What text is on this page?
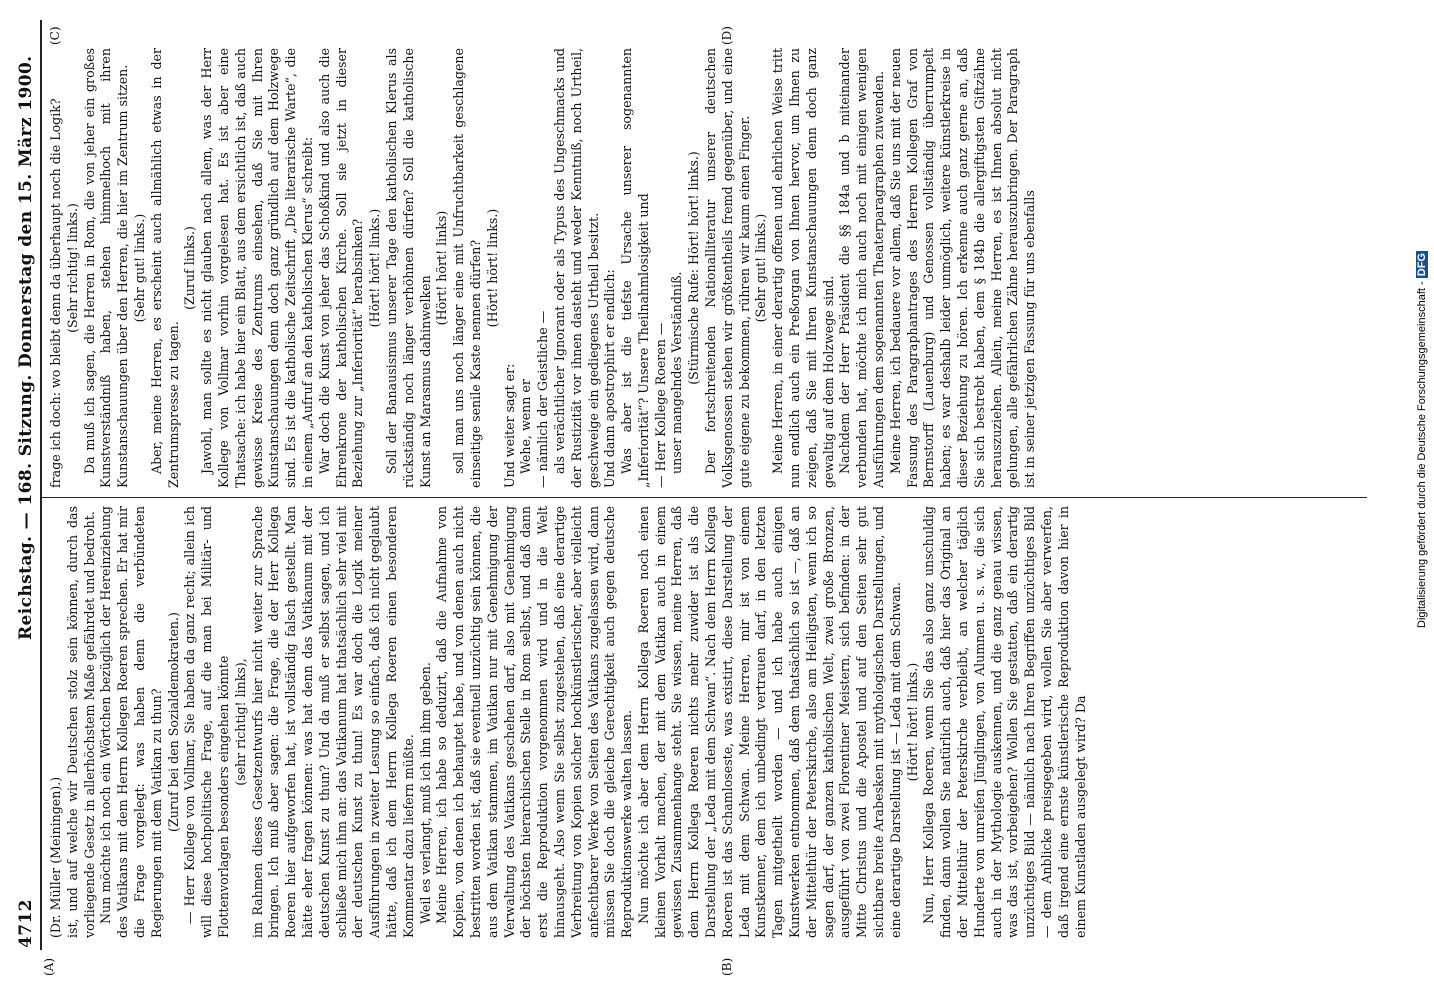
4712
Reichstag. — 168. Sitzung. Donnerstag den 15. März 1900.
(A)	(B)
(C)	(D)

(Dr. Müller (Meiningen).) ist, und auf welche wir Deutschen stolz sein können, durch das vorliegende Gesetz in allerhöchstem Maße gefährdet und bedroht. Nun möchte ich noch ein Wörtchen bezüglich der Hereinziehung des Vatikans mit dem Herrn Kollegen Roeren sprechen. Er hat mir die Frage vorgelegt: was haben denn die verbündeten Regierungen mit dem Vatikan zu thun? (Zuruf bei den Sozialdemokraten.) — Herr Kollege von Vollmar, Sie haben da ganz recht; allein ich will diese hochpolitische Frage, auf die man bei Militär- und Flottenvorlagen besonders eingehen könnte (sehr richtig! links), im Rahmen dieses Gesetzentwurfs hier nicht weiter zur Sprache bringen. Ich muß aber sagen: die Frage, die der Herr Kollega Roeren hier aufgeworfen hat, ist vollständig falsch gestellt. Man hätte eher fragen können: was hat denn das Vatikanum mit der deutschen Kunst zu thun? Und da muß er selbst sagen, und ich schließe mich ihm an: das Vatikanum hat thatsächlich sehr viel mit der deutschen Kunst zu thun! Es war doch die Logik meiner Ausführungen in zweiter Lesung so einfach, daß ich nicht geglaubt hätte, daß ich dem Herrn Kollega Roeren einen besonderen Kommentar dazu liefern müßte. Weil es verlangt, muß ich ihn ihm geben. Meine Herren, ich habe so deduzirt, daß die Aufnahme von Kopien, von denen ich behauptet habe, und von denen auch nicht bestritten worden ist, daß sie eventuell unzüchtig sein können, die aus dem Vatikan stammen, im Vatikan nur mit Genehmigung der Verwaltung des Vatikans geschehen darf, also mit Genehmigung der höchsten hierarchischen Stelle in Rom selbst, und daß dann erst die Reproduktion vorgenommen wird und in die Welt hinausgeht. Also wenn Sie selbst zugestehen, daß eine derartige Verbreitung von Kopien solcher hochkünstlerischer, aber vielleicht anfechtbarer Werke von Seiten des Vatikans zugelassen wird, dann müssen Sie doch die gleiche Gerechtigkeit auch gegen deutsche Reproduktionswerke walten lassen. Nun möchte ich aber dem Herrn Kollega Roeren noch einen kleinen Vorhalt machen, der mit dem Vatikan auch in einem gewissen Zusammenhange steht. Sie wissen, meine Herren, daß dem Herrn Kollega Roeren nichts mehr zuwider ist als die Darstellung der „Leda mit dem Schwan“. Nach dem Herrn Kollega Roeren ist das Schamloseste, was existirt, diese Darstellung der Leda mit dem Schwan. Meine Herren, mir ist von einem Kunstkenner, dem ich unbedingt vertrauen darf, in den letzten Tagen mitgetheilt worden — und ich habe auch einigen Kunstwerken entnommen, daß dem thatsächlich so ist —, daß an der Mittelthür der Peterskirche, also am Heiligsten, wenn ich so sagen darf, der ganzen katholischen Welt, zwei große Bronzen, ausgeführt von zwei Florentiner Meistern, sich befinden: in der Mitte Christus und die Apostel und auf den Seiten sehr gut sichtbare breite Arabesken mit mythologischen Darstellungen, und eine derartige Darstellung ist — Leda mit dem Schwan. (Hört! hört! links.) Nun, Herr Kollega Roeren, wenn Sie das also ganz unschuldig finden, dann wollen Sie natürlich auch, daß hier das Original an der Mittelthür der Peterskirche verbleibt, an welcher täglich Hunderte von unreifen Jünglingen, von Alumnen u. s. w., die sich auch in der Mythologie auskennen, und die ganz genau wissen, was das ist, vorbeigehen? Wollen Sie gestatten, daß ein derartig unzüchtiges Bild — nämlich nach Ihren Begriffen unzüchtiges Bild — dem Anblicke preisgegeben wird, wollen Sie aber verwerfen, daß irgend eine ernste künstlerische Reproduktion davon hier in einem Kunstladen ausgelegt wird? Da

frage ich doch: wo bleibt denn da überhaupt noch die Logik? (Sehr richtig! links.) Da muß ich sagen, die Herren in Rom, die von jeher ein großes Kunstverständniß haben, stehen himmelhoch mit ihren Kunstanschauungen über den Herren, die hier im Zentrum sitzen. (Sehr gut! links.) Aber, meine Herren, es erscheint auch allmählich etwas in der Zentrumspresse zu tagen.

(Zuruf links.) Jawohl, man sollte es nicht glauben nach allem, was der Herr Kollege von Vollmar vorhin vorgelesen hat. Es ist aber eine Thatsache: ich habe hier ein Blatt, aus dem ersichtlich ist, daß auch gewisse Kreise des Zentrums einsehen, daß Sie mit Ihren Kunstanschauungen denn doch ganz gründlich auf dem Holzwege sind. Es ist die katholische Zeitschrift „Die literarische Warte“, die in einem „Aufruf an den katholischen Klerus“ schreibt: War doch die Kunst von jeher das Schoßkind und also auch die Ehrenkrone der katholischen Kirche. Soll sie jetzt in dieser Beziehung zur „Inferiorität“ herabsinken? (Hört! hört! links.) Soll der Banausismus unserer Tage den katholischen Klerus als rückständig noch länger verhöhnen dürfen? Soll die katholische Kunst an Marasmus dahinwelken

(Hört! hört! links) soll man uns noch länger eine mit Unfruchtbarkeit geschlagene einseitige senile Kaste nennen dürfen? (Hört! hört! links.)

Und weiter sagt er: Wehe, wenn er — nämlich der Geistliche — als verächtlicher Ignorant oder als Typus des Ungeschmacks und der Rustizität vor ihnen dasteht und weder Kenntniß, noch Urtheil, geschweige ein gediegenes Urtheil besitzt. Und dann apostrophirt er endlich: Was aber ist die tiefste Ursache unserer sogenannten „Inferiorität“? Unsere Theilnahmlosigkeit und — Herr Kollege Roeren — unser mangelndes Verständniß. (Stürmische Rufe: Hört! hört! links.) Der fortschreitenden Nationalliteratur unserer deutschen Volksgenossen stehen wir größtentheils fremd gegenüber, und eine gute eigene zu bekommen, rühren wir kaum einen Finger. (Sehr gut! links.) Meine Herren, in einer derartig offenen und ehrlichen Weise tritt nun endlich auch ein Preßorgan von Ihnen hervor, um Ihnen zu zeigen, daß Sie mit Ihren Kunstanschauungen denn doch ganz gewaltig auf dem Holzwege sind. Nachdem der Herr Präsident die §§ 184a und b miteinander verbunden hat, möchte ich mich auch noch mit einigen wenigen Ausführungen dem sogenannten Theaterparagraphen zuwenden. Meine Herren, ich bedauere vor allem, daß Sie uns mit der neuen Fassung des Paragraphantrages des Herren Kollegen Graf von Bernstorff (Lauenburg) und Genossen vollständig überrumpelt haben; es war deshalb leider unmöglich, weitere künstlerkreise in dieser Beziehung zu hören. Ich erkenne auch ganz gerne an, daß Sie sich bestrebt haben, dem § 184b die allergiftigsten Giftzähne herauszuziehen. Allein, meine Herren, es ist Ihnen absolut nicht gelungen, alle gefährlichen Zähne herauszubringen. Der Paragraph ist in seiner jetzigen Fassung für uns ebenfalls	Digitalisierung gefördert durch die Deutsche Forschungsgemeinschaft - DFG
